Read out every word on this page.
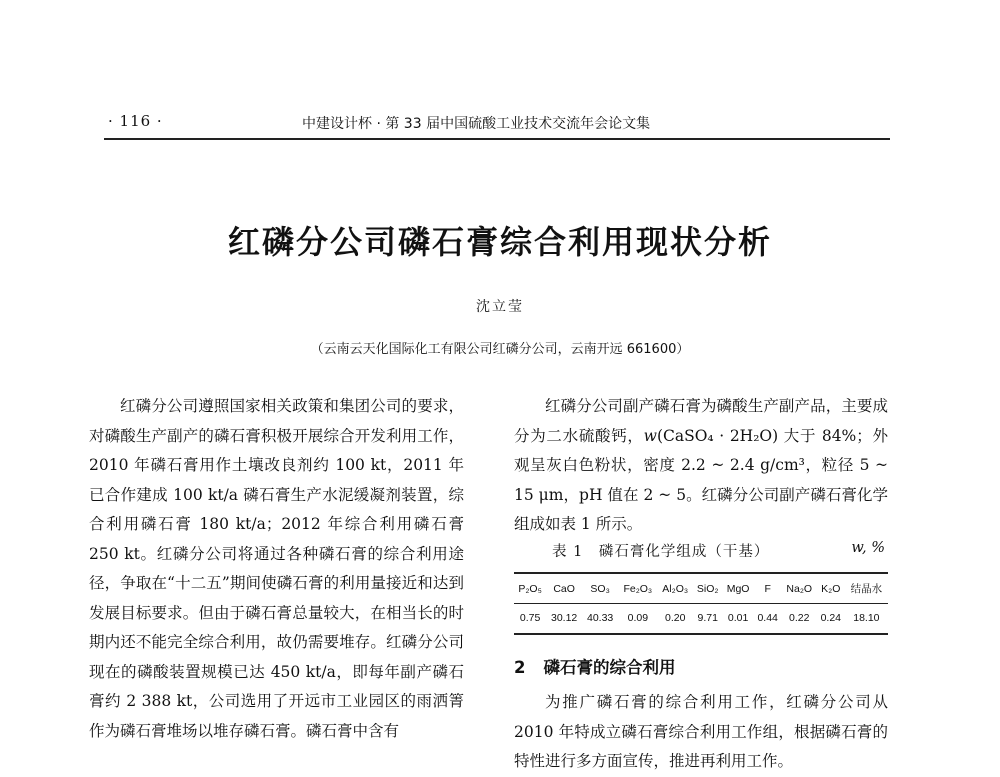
· 116 ·	中建设计杯 · 第 33 届中国硫酸工业技术交流年会论文集
红磷分公司磷石膏综合利用现状分析
沈立莹
（云南云天化国际化工有限公司红磷分公司，云南开远 661600）

红磷分公司遵照国家相关政策和集团公司的要求，对磷酸生产副产的磷石膏积极开展综合开发利用工作，2010 年磷石膏用作土壤改良剂约 100 kt，2011 年已合作建成 100 kt/a 磷石膏生产水泥缓凝剂装置，综合利用磷石膏 180 kt/a；2012 年综合利用磷石膏 250 kt。红磷分公司将通过各种磷石膏的综合利用途径，争取在“十二五”期间使磷石膏的利用量接近和达到发展目标要求。但由于磷石膏总量较大，在相当长的时期内还不能完全综合利用，故仍需要堆存。红磷分公司现在的磷酸装置规模已达 450 kt/a，即每年副产磷石膏约 2 388 kt，公司选用了开远市工业园区的雨洒箐作为磷石膏堆场以堆存磷石膏。磷石膏中含有

红磷分公司副产磷石膏为磷酸生产副产品，主要成分为二水硫酸钙，w(CaSO₄ · 2H₂O) 大于 84%；外观呈灰白色粉状，密度 2.2 ~ 2.4 g/cm³，粒径 5 ~ 15 μm，pH 值在 2 ~ 5。红磷分公司副产磷石膏化学组成如表 1 所示。

表 1　磷石膏化学组成（干基）	w, %
P₂O₅	CaO	SO₃	Fe₂O₃	Al₂O₃	SiO₂	MgO	F	Na₂O	K₂O	结晶水
0.75	30.12	40.33	0.09	0.20	9.71	0.01	0.44	0.22	0.24	18.10
2 磷石膏的综合利用

为推广磷石膏的综合利用工作，红磷分公司从 2010 年特成立磷石膏综合利用工作组，根据磷石膏的特性进行多方面宣传，推进再利用工作。
